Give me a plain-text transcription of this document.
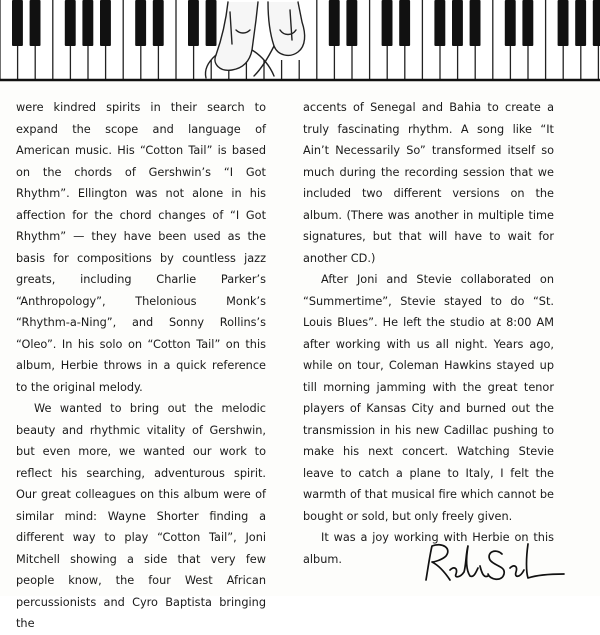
were kindred spirits in their search to expand the scope and language of American music. His “Cotton Tail” is based on the chords of Gershwin’s “I Got Rhythm”. Ellington was not alone in his affection for the chord changes of “I Got Rhythm” — they have been used as the basis for compositions by countless jazz greats, including Charlie Parker’s “Anthropology”, Thelonious Monk’s “Rhythm-a-Ning”, and Sonny Rollins’s “Oleo”. In his solo on “Cotton Tail” on this album, Herbie throws in a quick reference to the original melody.

We wanted to bring out the melodic beauty and rhythmic vitality of Gershwin, but even more, we wanted our work to reflect his searching, adventurous spirit. Our great colleagues on this album were of similar mind: Wayne Shorter finding a different way to play “Cotton Tail”, Joni Mitchell showing a side that very few people know, the four West African percussionists and Cyro Baptista bringing the

accents of Senegal and Bahia to create a truly fascinating rhythm. A song like “It Ain’t Necessarily So” transformed itself so much during the recording session that we included two different versions on the album. (There was another in multiple time signatures, but that will have to wait for another CD.)

After Joni and Stevie collaborated on “Summertime”, Stevie stayed to do “St. Louis Blues”. He left the studio at 8:00 AM after working with us all night. Years ago, while on tour, Coleman Hawkins stayed up till morning jamming with the great tenor players of Kansas City and burned out the transmission in his new Cadillac pushing to make his next concert. Watching Stevie leave to catch a plane to Italy, I felt the warmth of that musical fire which cannot be bought or sold, but only freely given.

It was a joy working with Herbie on this album.
